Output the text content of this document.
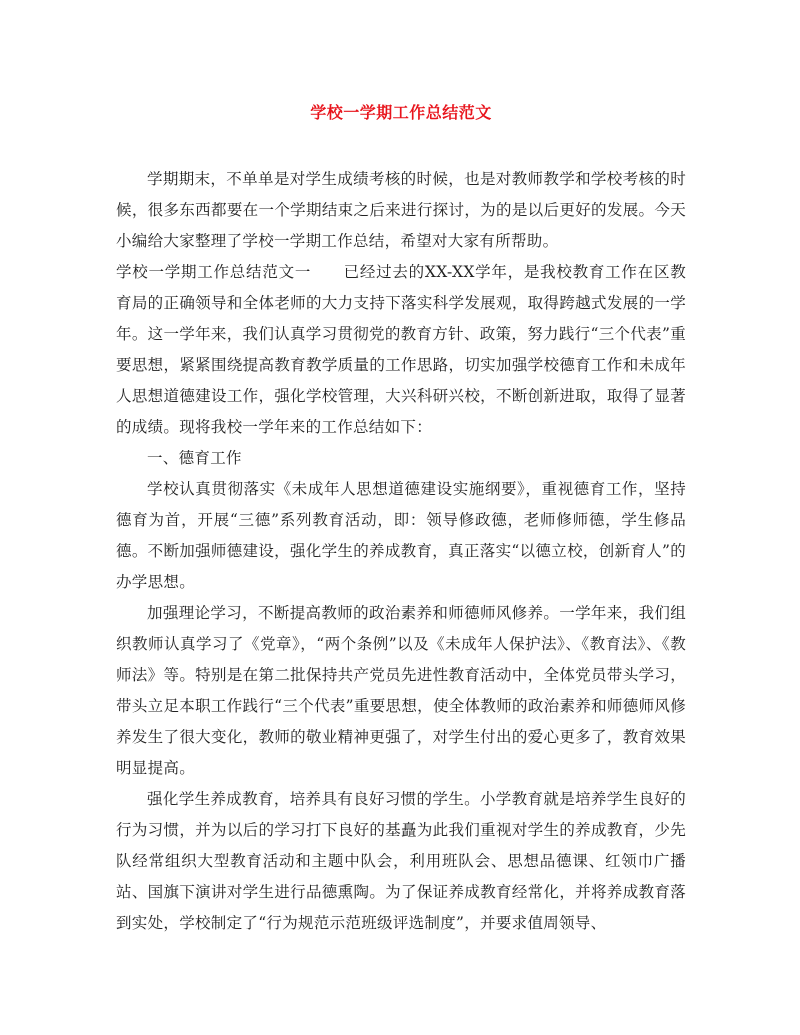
学校一学期工作总结范文

学期期末，不单单是对学生成绩考核的时候，也是对教师教学和学校考核的时候，很多东西都要在一个学期结束之后来进行探讨，为的是以后更好的发展。今天小编给大家整理了学校一学期工作总结，希望对大家有所帮助。

学校一学期工作总结范文一　　已经过去的XX-XX学年，是我校教育工作在区教育局的正确领导和全体老师的大力支持下落实科学发展观，取得跨越式发展的一学年。这一学年来，我们认真学习贯彻党的教育方针、政策，努力践行“三个代表”重要思想，紧紧围绕提高教育教学质量的工作思路，切实加强学校德育工作和未成年人思想道德建设工作，强化学校管理，大兴科研兴校，不断创新进取，取得了显著的成绩。现将我校一学年来的工作总结如下：

一、德育工作

学校认真贯彻落实《未成年人思想道德建设实施纲要》，重视德育工作，坚持德育为首，开展“三德”系列教育活动，即：领导修政德，老师修师德，学生修品德。不断加强师德建设，强化学生的养成教育，真正落实“以德立校，创新育人”的办学思想。

加强理论学习，不断提高教师的政治素养和师德师风修养。一学年来，我们组织教师认真学习了《党章》，“两个条例”以及《未成年人保护法》、《教育法》、《教师法》等。特别是在第二批保持共产党员先进性教育活动中，全体党员带头学习，带头立足本职工作践行“三个代表”重要思想，使全体教师的政治素养和师德师风修养发生了很大变化，教师的敬业精神更强了，对学生付出的爱心更多了，教育效果明显提高。

强化学生养成教育，培养具有良好习惯的学生。小学教育就是培养学生良好的行为习惯，并为以后的学习打下良好的基矗为此我们重视对学生的养成教育，少先队经常组织大型教育活动和主题中队会，利用班队会、思想品德课、红领巾广播站、国旗下演讲对学生进行品德熏陶。为了保证养成教育经常化，并将养成教育落到实处，学校制定了“行为规范示范班级评选制度”，并要求值周领导、
